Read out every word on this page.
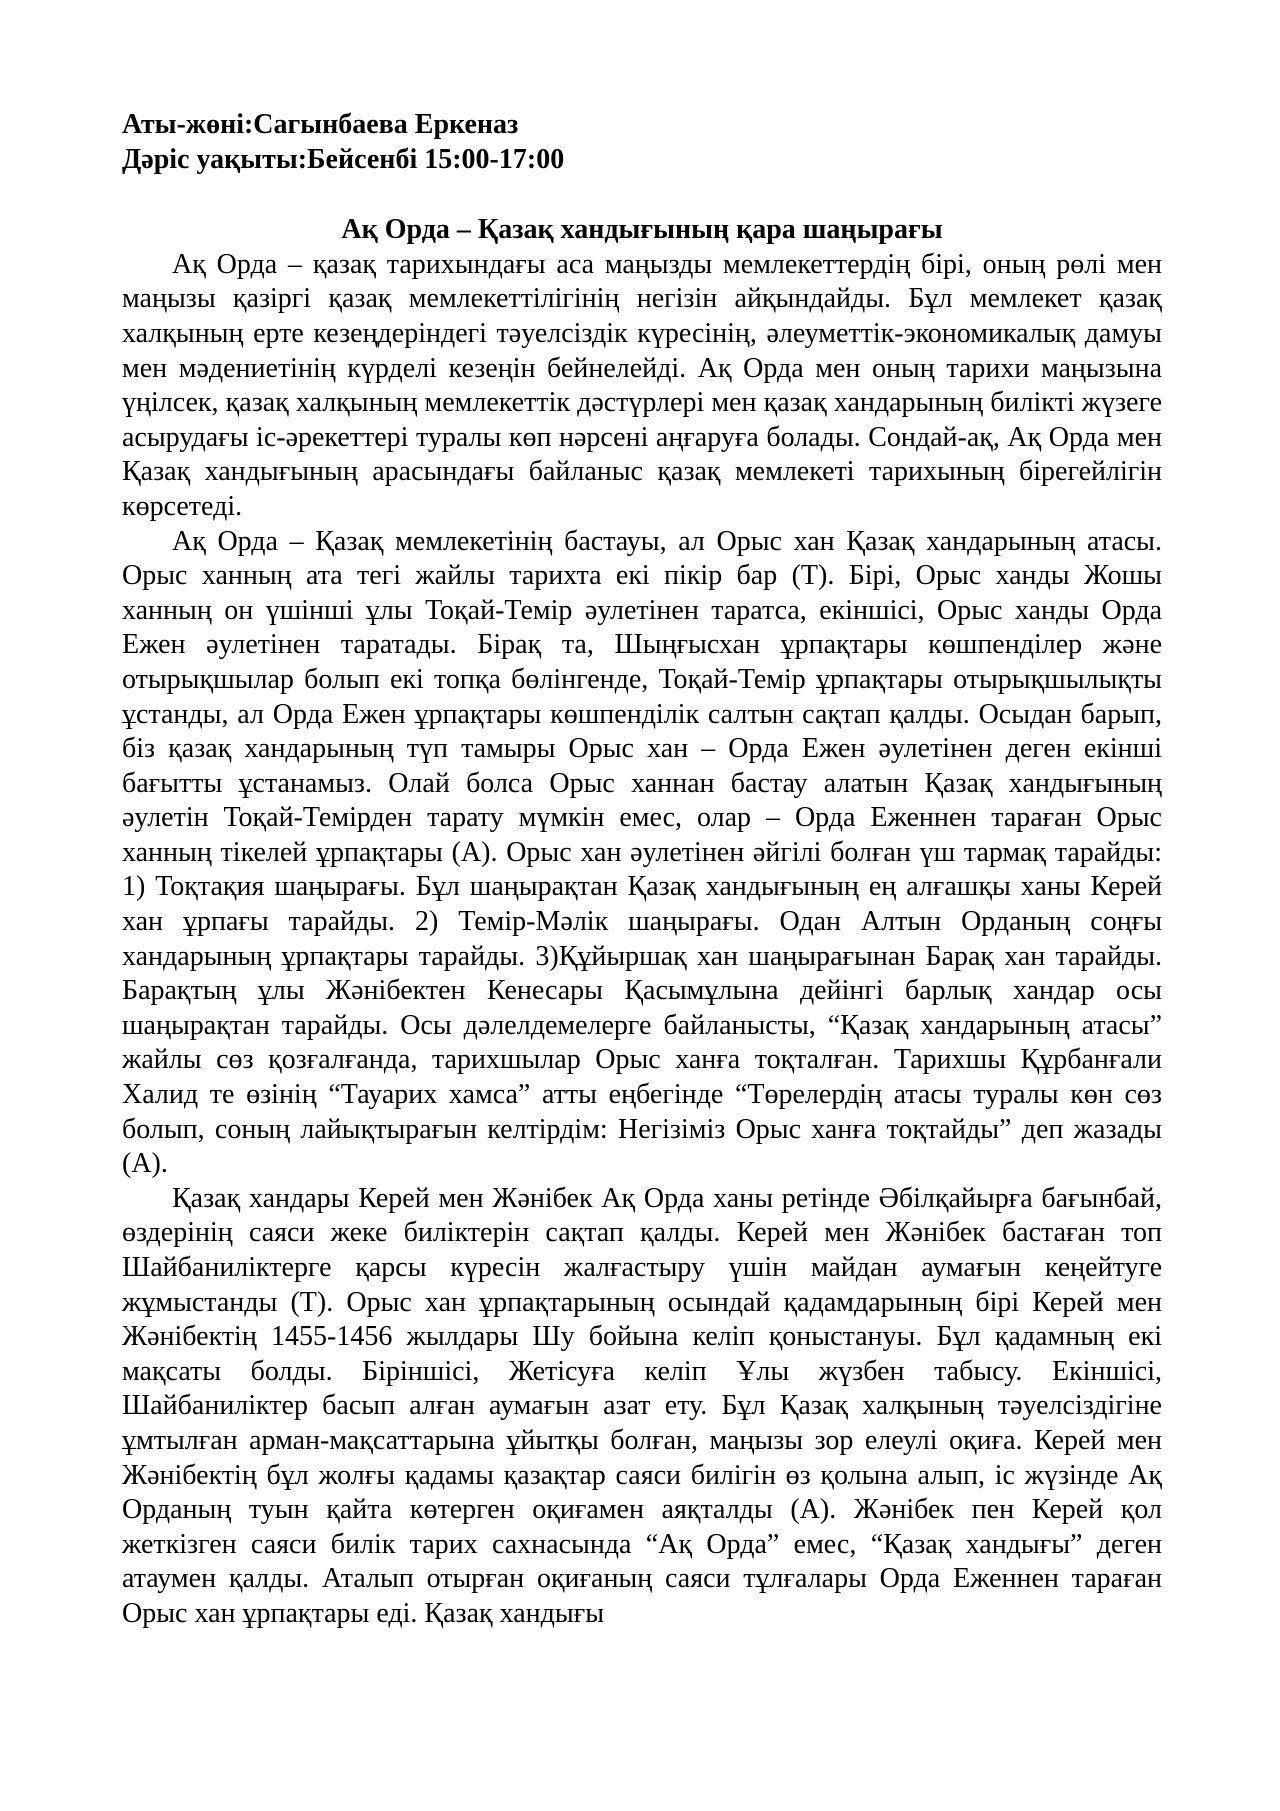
Аты-жөні:Сагынбаева Еркеназ

Дәріс уақыты:Бейсенбі 15:00-17:00

Ақ Орда – Қазақ хандығының қара шаңырағы

Ақ Орда – қазақ тарихындағы аса маңызды мемлекеттердің бірі, оның рөлі мен маңызы қазіргі қазақ мемлекеттілігінің негізін айқындайды. Бұл мемлекет қазақ халқының ерте кезеңдеріндегі тәуелсіздік күресінің, әлеуметтік-экономикалық дамуы мен мәдениетінің күрделі кезеңін бейнелейді. Ақ Орда мен оның тарихи маңызына үңілсек, қазақ халқының мемлекеттік дәстүрлері мен қазақ хандарының билікті жүзеге асырудағы іс-әрекеттері туралы көп нәрсені аңғаруға болады. Сондай-ақ, Ақ Орда мен Қазақ хандығының арасындағы байланыс қазақ мемлекеті тарихының бірегейлігін көрсетеді.

Ақ Орда – Қазақ мемлекетінің бастауы, ал Орыс хан Қазақ хандарының атасы. Орыс ханның ата тегі жайлы тарихта екі пікір бар (Т). Бірі, Орыс ханды Жошы ханның он үшінші ұлы Тоқай-Темір әулетінен таратса, екіншісі, Орыс ханды Орда Ежен әулетінен таратады. Бірақ та, Шыңғысхан ұрпақтары көшпенділер және отырықшылар болып екі топқа бөлінгенде, Тоқай-Темір ұрпақтары отырықшылықты ұстанды, ал Орда Ежен ұрпақтары көшпенділік салтын сақтап қалды. Осыдан барып, біз қазақ хандарының түп тамыры Орыс хан – Орда Ежен әулетінен деген екінші бағытты ұстанамыз. Олай болса Орыс ханнан бастау алатын Қазақ хандығының әулетін Тоқай-Темірден тарату мүмкін емес, олар – Орда Еженнен тараған Орыс ханның тікелей ұрпақтары (А). Орыс хан әулетінен әйгілі болған үш тармақ тарайды: 1) Тоқтақия шаңырағы. Бұл шаңырақтан Қазақ хандығының ең алғашқы ханы Керей хан ұрпағы тарайды. 2) Темір-Мәлік шаңырағы. Одан Алтын Орданың соңғы хандарының ұрпақтары тарайды. 3)Құйыршақ хан шаңырағынан Барақ хан тарайды. Барақтың ұлы Жәнібектен Кенесары Қасымұлына дейінгі барлық хандар осы шаңырақтан тарайды. Осы дәлелдемелерге байланысты, “Қазақ хандарының атасы” жайлы сөз қозғалғанда, тарихшылар Орыс ханға тоқталған. Тарихшы Құрбанғали Халид те өзінің “Тауарих хамса” атты еңбегінде “Төрелердің атасы туралы көн сөз болып, соның лайықтырағын келтірдім: Негізіміз Орыс ханға тоқтайды” деп жазады (А).

Қазақ хандары Керей мен Жәнібек Ақ Орда ханы ретінде Әбілқайырға бағынбай, өздерінің саяси жеке биліктерін сақтап қалды. Керей мен Жәнібек бастаған топ Шайбаниліктерге қарсы күресін жалғастыру үшін майдан аумағын кеңейтуге жұмыстанды (Т). Орыс хан ұрпақтарының осындай қадамдарының бірі Керей мен Жәнібектің 1455-1456 жылдары Шу бойына келіп қоныстануы. Бұл қадамның екі мақсаты болды. Біріншісі, Жетісуға келіп Ұлы жүзбен табысу. Екіншісі, Шайбаниліктер басып алған аумағын азат ету. Бұл Қазақ халқының тәуелсіздігіне ұмтылған арман-мақсаттарына ұйытқы болған, маңызы зор елеулі оқиға. Керей мен Жәнібектің бұл жолғы қадамы қазақтар саяси билігін өз қолына алып, іс жүзінде Ақ Орданың туын қайта көтерген оқиғамен аяқталды (А). Жәнібек пен Керей қол жеткізген саяси билік тарих сахнасында “Ақ Орда” емес, “Қазақ хандығы” деген атаумен қалды. Аталып отырған оқиғаның саяси тұлғалары Орда Еженнен тараған Орыс хан ұрпақтары еді. Қазақ хандығы
